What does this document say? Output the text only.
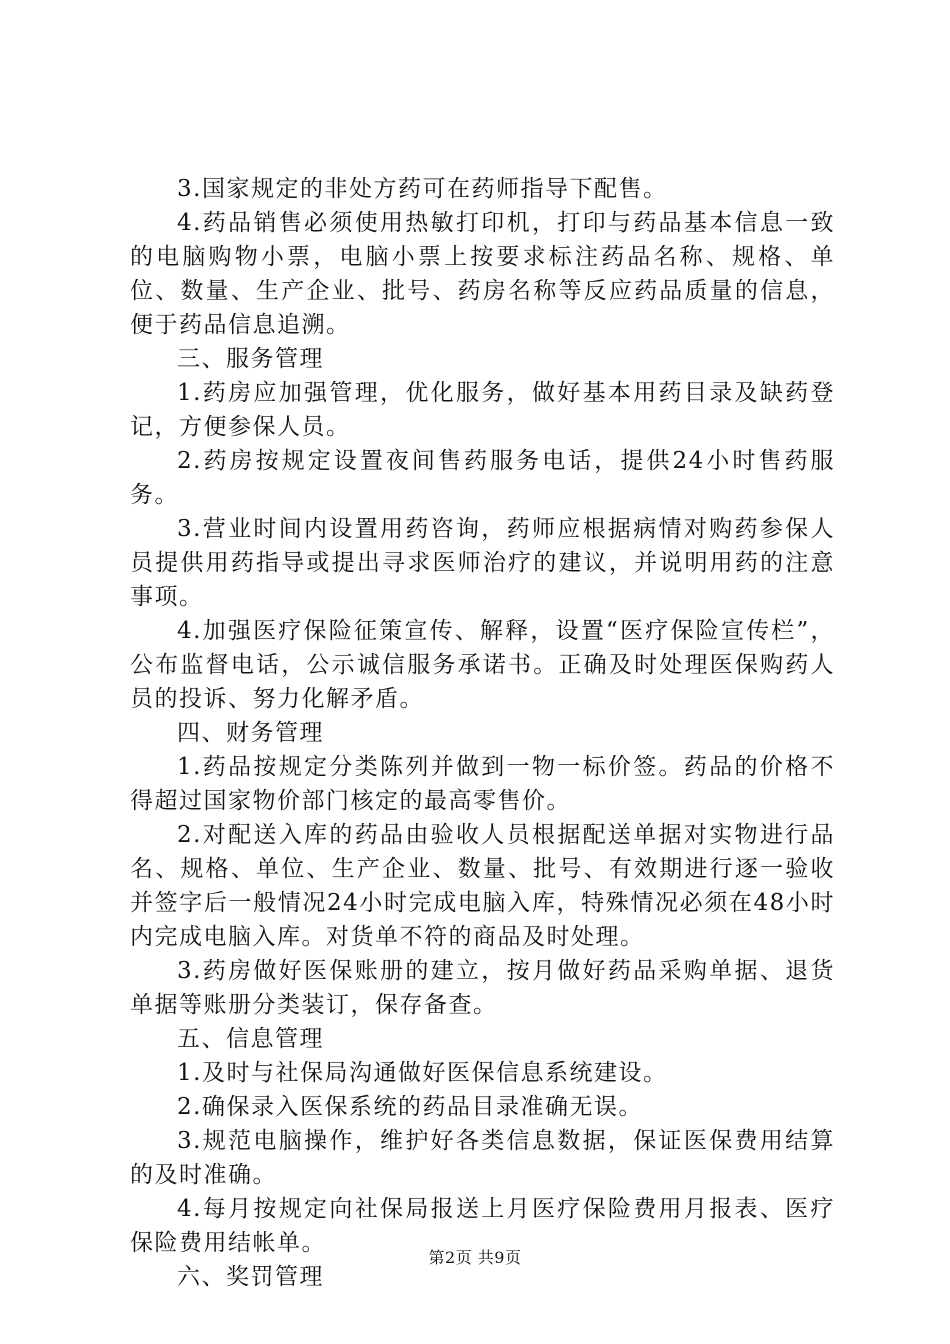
3.国家规定的非处方药可在药师指导下配售。

4.药品销售必须使用热敏打印机，打印与药品基本信息一致的电脑购物小票，电脑小票上按要求标注药品名称、规格、单位、数量、生产企业、批号、药房名称等反应药品质量的信息，便于药品信息追溯。

三、服务管理

1.药房应加强管理，优化服务，做好基本用药目录及缺药登记，方便参保人员。

2.药房按规定设置夜间售药服务电话，提供24小时售药服务。

3.营业时间内设置用药咨询，药师应根据病情对购药参保人员提供用药指导或提出寻求医师治疗的建议，并说明用药的注意事项。

4.加强医疗保险征策宣传、解释，设置“医疗保险宣传栏”，公布监督电话，公示诚信服务承诺书。正确及时处理医保购药人员的投诉、努力化解矛盾。

四、财务管理

1.药品按规定分类陈列并做到一物一标价签。药品的价格不得超过国家物价部门核定的最高零售价。

2.对配送入库的药品由验收人员根据配送单据对实物进行品名、规格、单位、生产企业、数量、批号、有效期进行逐一验收并签字后一般情况24小时完成电脑入库，特殊情况必须在48小时内完成电脑入库。对货单不符的商品及时处理。

3.药房做好医保账册的建立，按月做好药品采购单据、退货单据等账册分类装订，保存备查。

五、信息管理

1.及时与社保局沟通做好医保信息系统建设。

2.确保录入医保系统的药品目录准确无误。

3.规范电脑操作，维护好各类信息数据，保证医保费用结算的及时准确。

4.每月按规定向社保局报送上月医疗保险费用月报表、医疗保险费用结帐单。

六、奖罚管理

第2页 共9页
